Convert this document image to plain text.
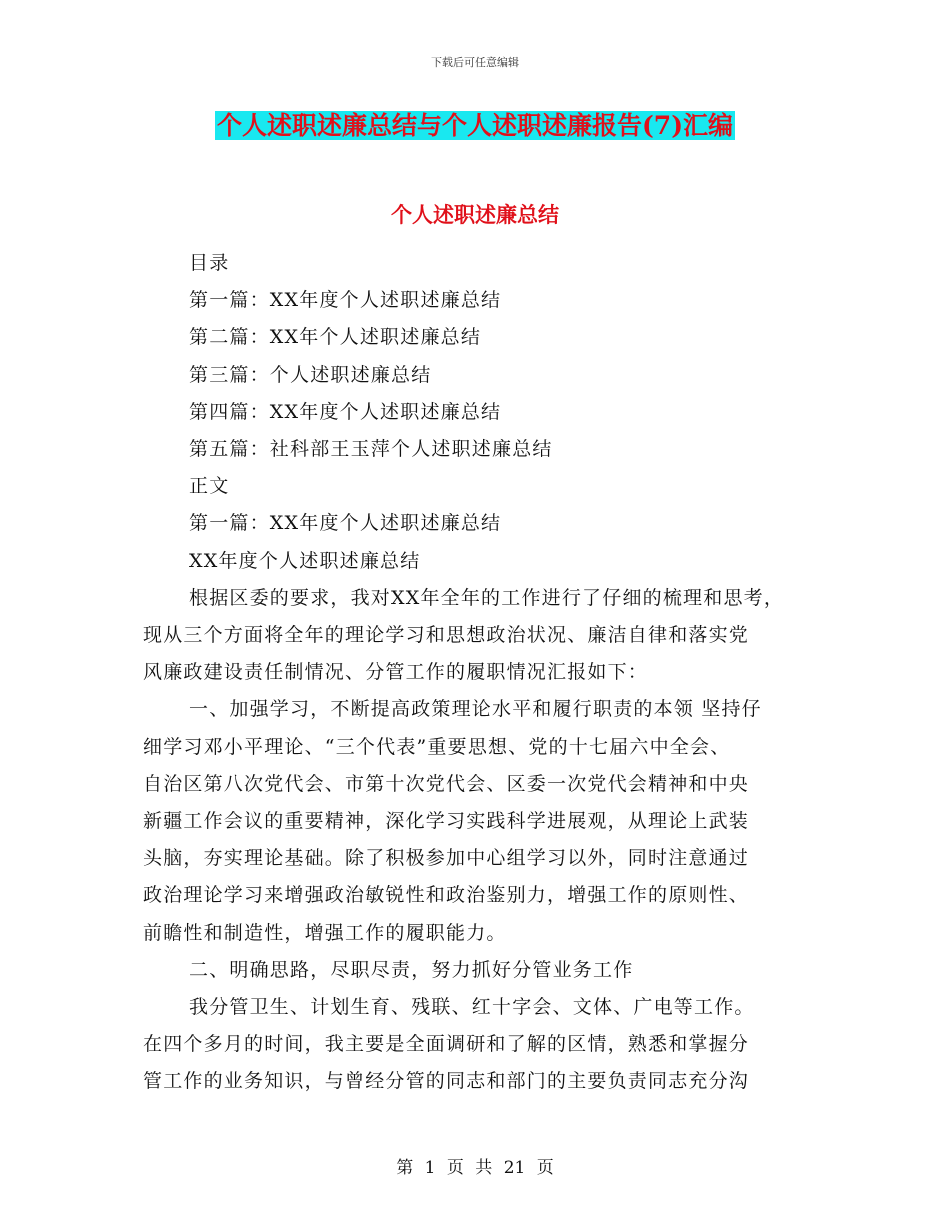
下载后可任意编辑
个人述职述廉总结与个人述职述廉报告(7)汇编
个人述职述廉总结

目录

第一篇：XX年度个人述职述廉总结

第二篇：XX年个人述职述廉总结

第三篇：个人述职述廉总结

第四篇：XX年度个人述职述廉总结

第五篇：社科部王玉萍个人述职述廉总结

正文

第一篇：XX年度个人述职述廉总结

XX年度个人述职述廉总结

根据区委的要求，我对XX年全年的工作进行了仔细的梳理和思考，

现从三个方面将全年的理论学习和思想政治状况、廉洁自律和落实党

风廉政建设责任制情况、分管工作的履职情况汇报如下：

一、加强学习，不断提高政策理论水平和履行职责的本领 坚持仔

细学习邓小平理论、“三个代表”重要思想、党的十七届六中全会、

自治区第八次党代会、市第十次党代会、区委一次党代会精神和中央

新疆工作会议的重要精神，深化学习实践科学进展观，从理论上武装

头脑，夯实理论基础。除了积极参加中心组学习以外，同时注意通过

政治理论学习来增强政治敏锐性和政治鉴别力，增强工作的原则性、

前瞻性和制造性，增强工作的履职能力。

二、明确思路，尽职尽责，努力抓好分管业务工作

我分管卫生、计划生育、残联、红十字会、文体、广电等工作。

在四个多月的时间，我主要是全面调研和了解的区情，熟悉和掌握分

管工作的业务知识，与曾经分管的同志和部门的主要负责同志充分沟

第 1 页 共 21 页
